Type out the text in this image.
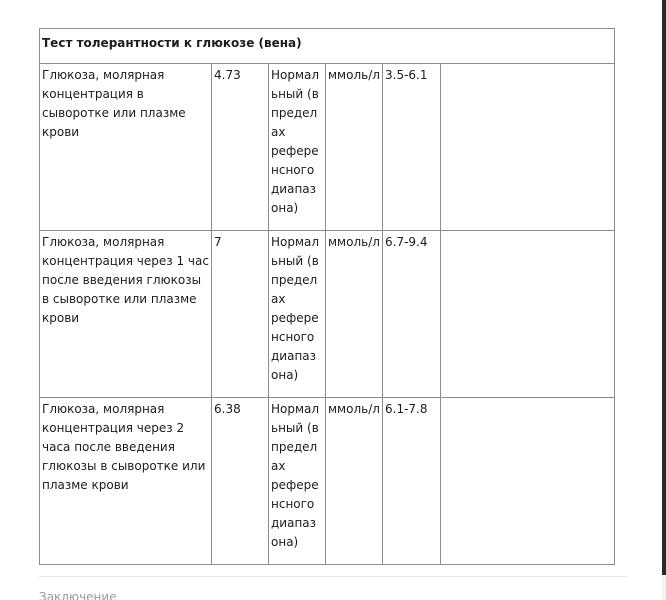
Тест толерантности к глюкозе (вена)					
Глюкоза, молярная концентрация в сыворотке или плазме крови	4.73	Нормальный (в пределах референсного диапазона)	ммоль/л	3.5-6.1	
Глюкоза, молярная концентрация через 1 час после введения глюкозы в сыворотке или плазме крови	7	Нормальный (в пределах референсного диапазона)	ммоль/л	6.7-9.4	
Глюкоза, молярная концентрация через 2 часа после введения глюкозы в сыворотке или плазме крови	6.38	Нормальный (в пределах референсного диапазона)	ммоль/л	6.1-7.8	
Заключение
